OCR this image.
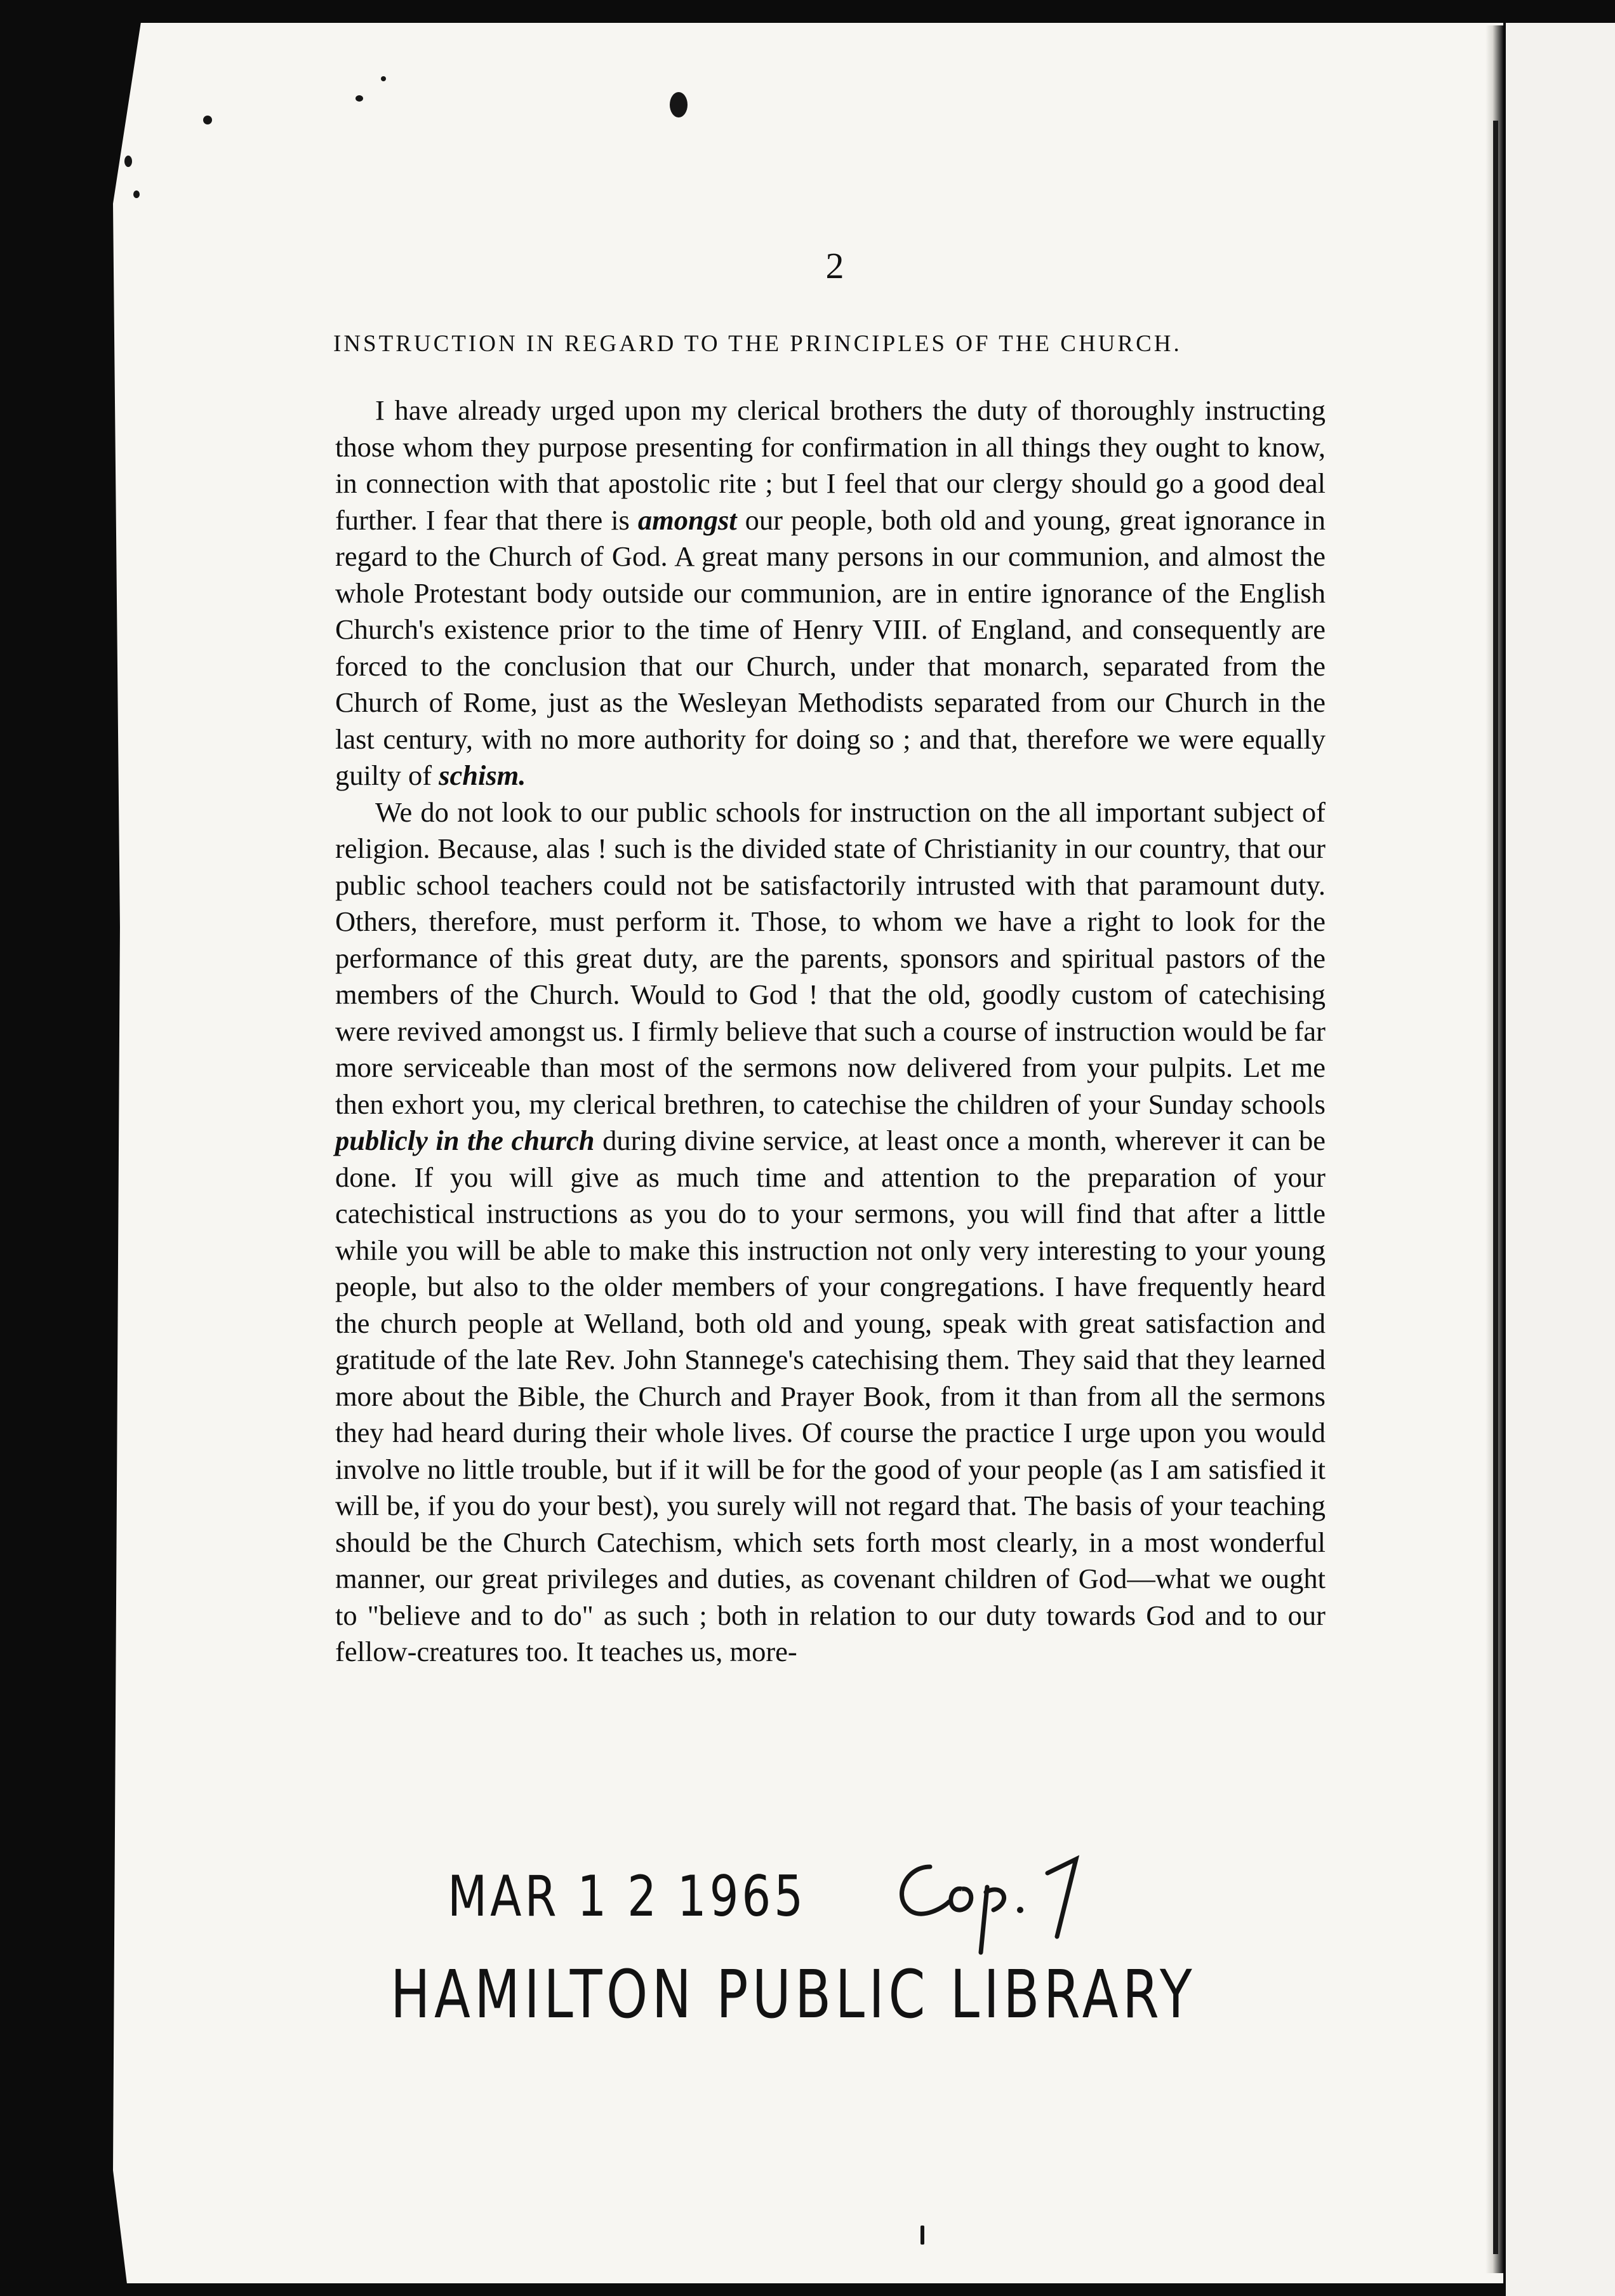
2
INSTRUCTION IN REGARD TO THE PRINCIPLES OF THE CHURCH.

I have already urged upon my clerical brothers the duty of thoroughly instructing those whom they purpose presenting for confirmation in all things they ought to know, in connection with that apostolic rite ; but I feel that our clergy should go a good deal further. I fear that there is amongst our people, both old and young, great ignorance in regard to the Church of God. A great many persons in our communion, and almost the whole Protestant body outside our communion, are in entire ignorance of the English Church's existence prior to the time of Henry VIII. of England, and consequently are forced to the conclusion that our Church, under that monarch, separated from the Church of Rome, just as the Wesleyan Methodists separated from our Church in the last century, with no more authority for doing so ; and that, therefore we were equally guilty of schism.

We do not look to our public schools for instruction on the all important subject of religion. Because, alas ! such is the divided state of Christianity in our country, that our public school teachers could not be satisfactorily intrusted with that paramount duty. Others, therefore, must perform it. Those, to whom we have a right to look for the performance of this great duty, are the parents, sponsors and spiritual pastors of the members of the Church. Would to God ! that the old, goodly custom of catechising were revived amongst us. I firmly believe that such a course of instruction would be far more serviceable than most of the sermons now delivered from your pulpits. Let me then exhort you, my clerical brethren, to catechise the children of your Sunday schools publicly in the church during divine service, at least once a month, wherever it can be done. If you will give as much time and attention to the preparation of your catechistical instructions as you do to your sermons, you will find that after a little while you will be able to make this instruction not only very interesting to your young people, but also to the older members of your congregations. I have frequently heard the church people at Welland, both old and young, speak with great satisfaction and gratitude of the late Rev. John Stannege's catechising them. They said that they learned more about the Bible, the Church and Prayer Book, from it than from all the sermons they had heard during their whole lives. Of course the practice I urge upon you would involve no little trouble, but if it will be for the good of your people (as I am satisfied it will be, if you do your best), you surely will not regard that. The basis of your teaching should be the Church Catechism, which sets forth most clearly, in a most wonderful manner, our great privileges and duties, as covenant children of God—what we ought to "believe and to do" as such ; both in relation to our duty towards God and to our fellow-creatures too. It teaches us, more-

MAR 1 2 1965
HAMILTON PUBLIC LIBRARY
